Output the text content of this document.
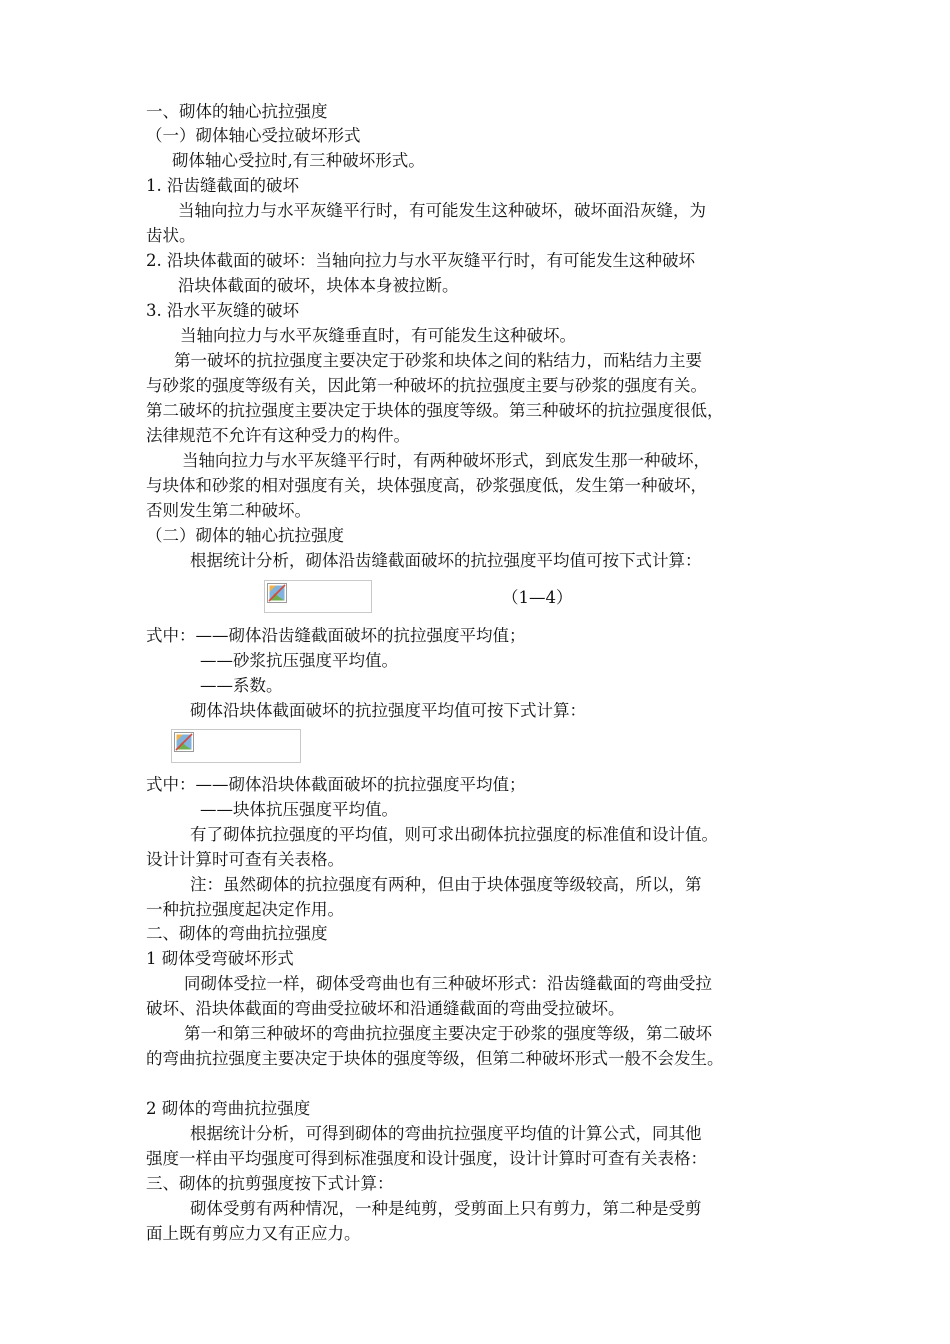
一、砌体的轴心抗拉强度
（一）砌体轴心受拉破坏形式
砌体轴心受拉时,有三种破坏形式。
1. 沿齿缝截面的破坏
当轴向拉力与水平灰缝平行时，有可能发生这种破坏，破坏面沿灰缝，为
齿状。
2. 沿块体截面的破坏：当轴向拉力与水平灰缝平行时，有可能发生这种破坏
沿块体截面的破坏，块体本身被拉断。
3. 沿水平灰缝的破坏
当轴向拉力与水平灰缝垂直时，有可能发生这种破坏。
第一破坏的抗拉强度主要决定于砂浆和块体之间的粘结力，而粘结力主要
与砂浆的强度等级有关，因此第一种破坏的抗拉强度主要与砂浆的强度有关。
第二破坏的抗拉强度主要决定于块体的强度等级。第三种破坏的抗拉强度很低，
法律规范不允许有这种受力的构件。
当轴向拉力与水平灰缝平行时，有两种破坏形式，到底发生那一种破坏，
与块体和砂浆的相对强度有关，块体强度高，砂浆强度低，发生第一种破坏，
否则发生第二种破坏。
（二）砌体的轴心抗拉强度
根据统计分析，砌体沿齿缝截面破坏的抗拉强度平均值可按下式计算：
（1—4）
式中：——砌体沿齿缝截面破坏的抗拉强度平均值；
——砂浆抗压强度平均值。
——系数。
砌体沿块体截面破坏的抗拉强度平均值可按下式计算：
式中：——砌体沿块体截面破坏的抗拉强度平均值；
——块体抗压强度平均值。
有了砌体抗拉强度的平均值，则可求出砌体抗拉强度的标准值和设计值。
设计计算时可查有关表格。
注：虽然砌体的抗拉强度有两种，但由于块体强度等级较高，所以，第
一种抗拉强度起决定作用。
二、砌体的弯曲抗拉强度
1 砌体受弯破坏形式
同砌体受拉一样，砌体受弯曲也有三种破坏形式：沿齿缝截面的弯曲受拉
破坏、沿块体截面的弯曲受拉破坏和沿通缝截面的弯曲受拉破坏。
第一和第三种破坏的弯曲抗拉强度主要决定于砂浆的强度等级，第二破坏
的弯曲抗拉强度主要决定于块体的强度等级，但第二种破坏形式一般不会发生。
2 砌体的弯曲抗拉强度
根据统计分析，可得到砌体的弯曲抗拉强度平均值的计算公式，同其他
强度一样由平均强度可得到标准强度和设计强度，设计计算时可查有关表格：
三、砌体的抗剪强度按下式计算：
砌体受剪有两种情况，一种是纯剪，受剪面上只有剪力，第二种是受剪
面上既有剪应力又有正应力。
